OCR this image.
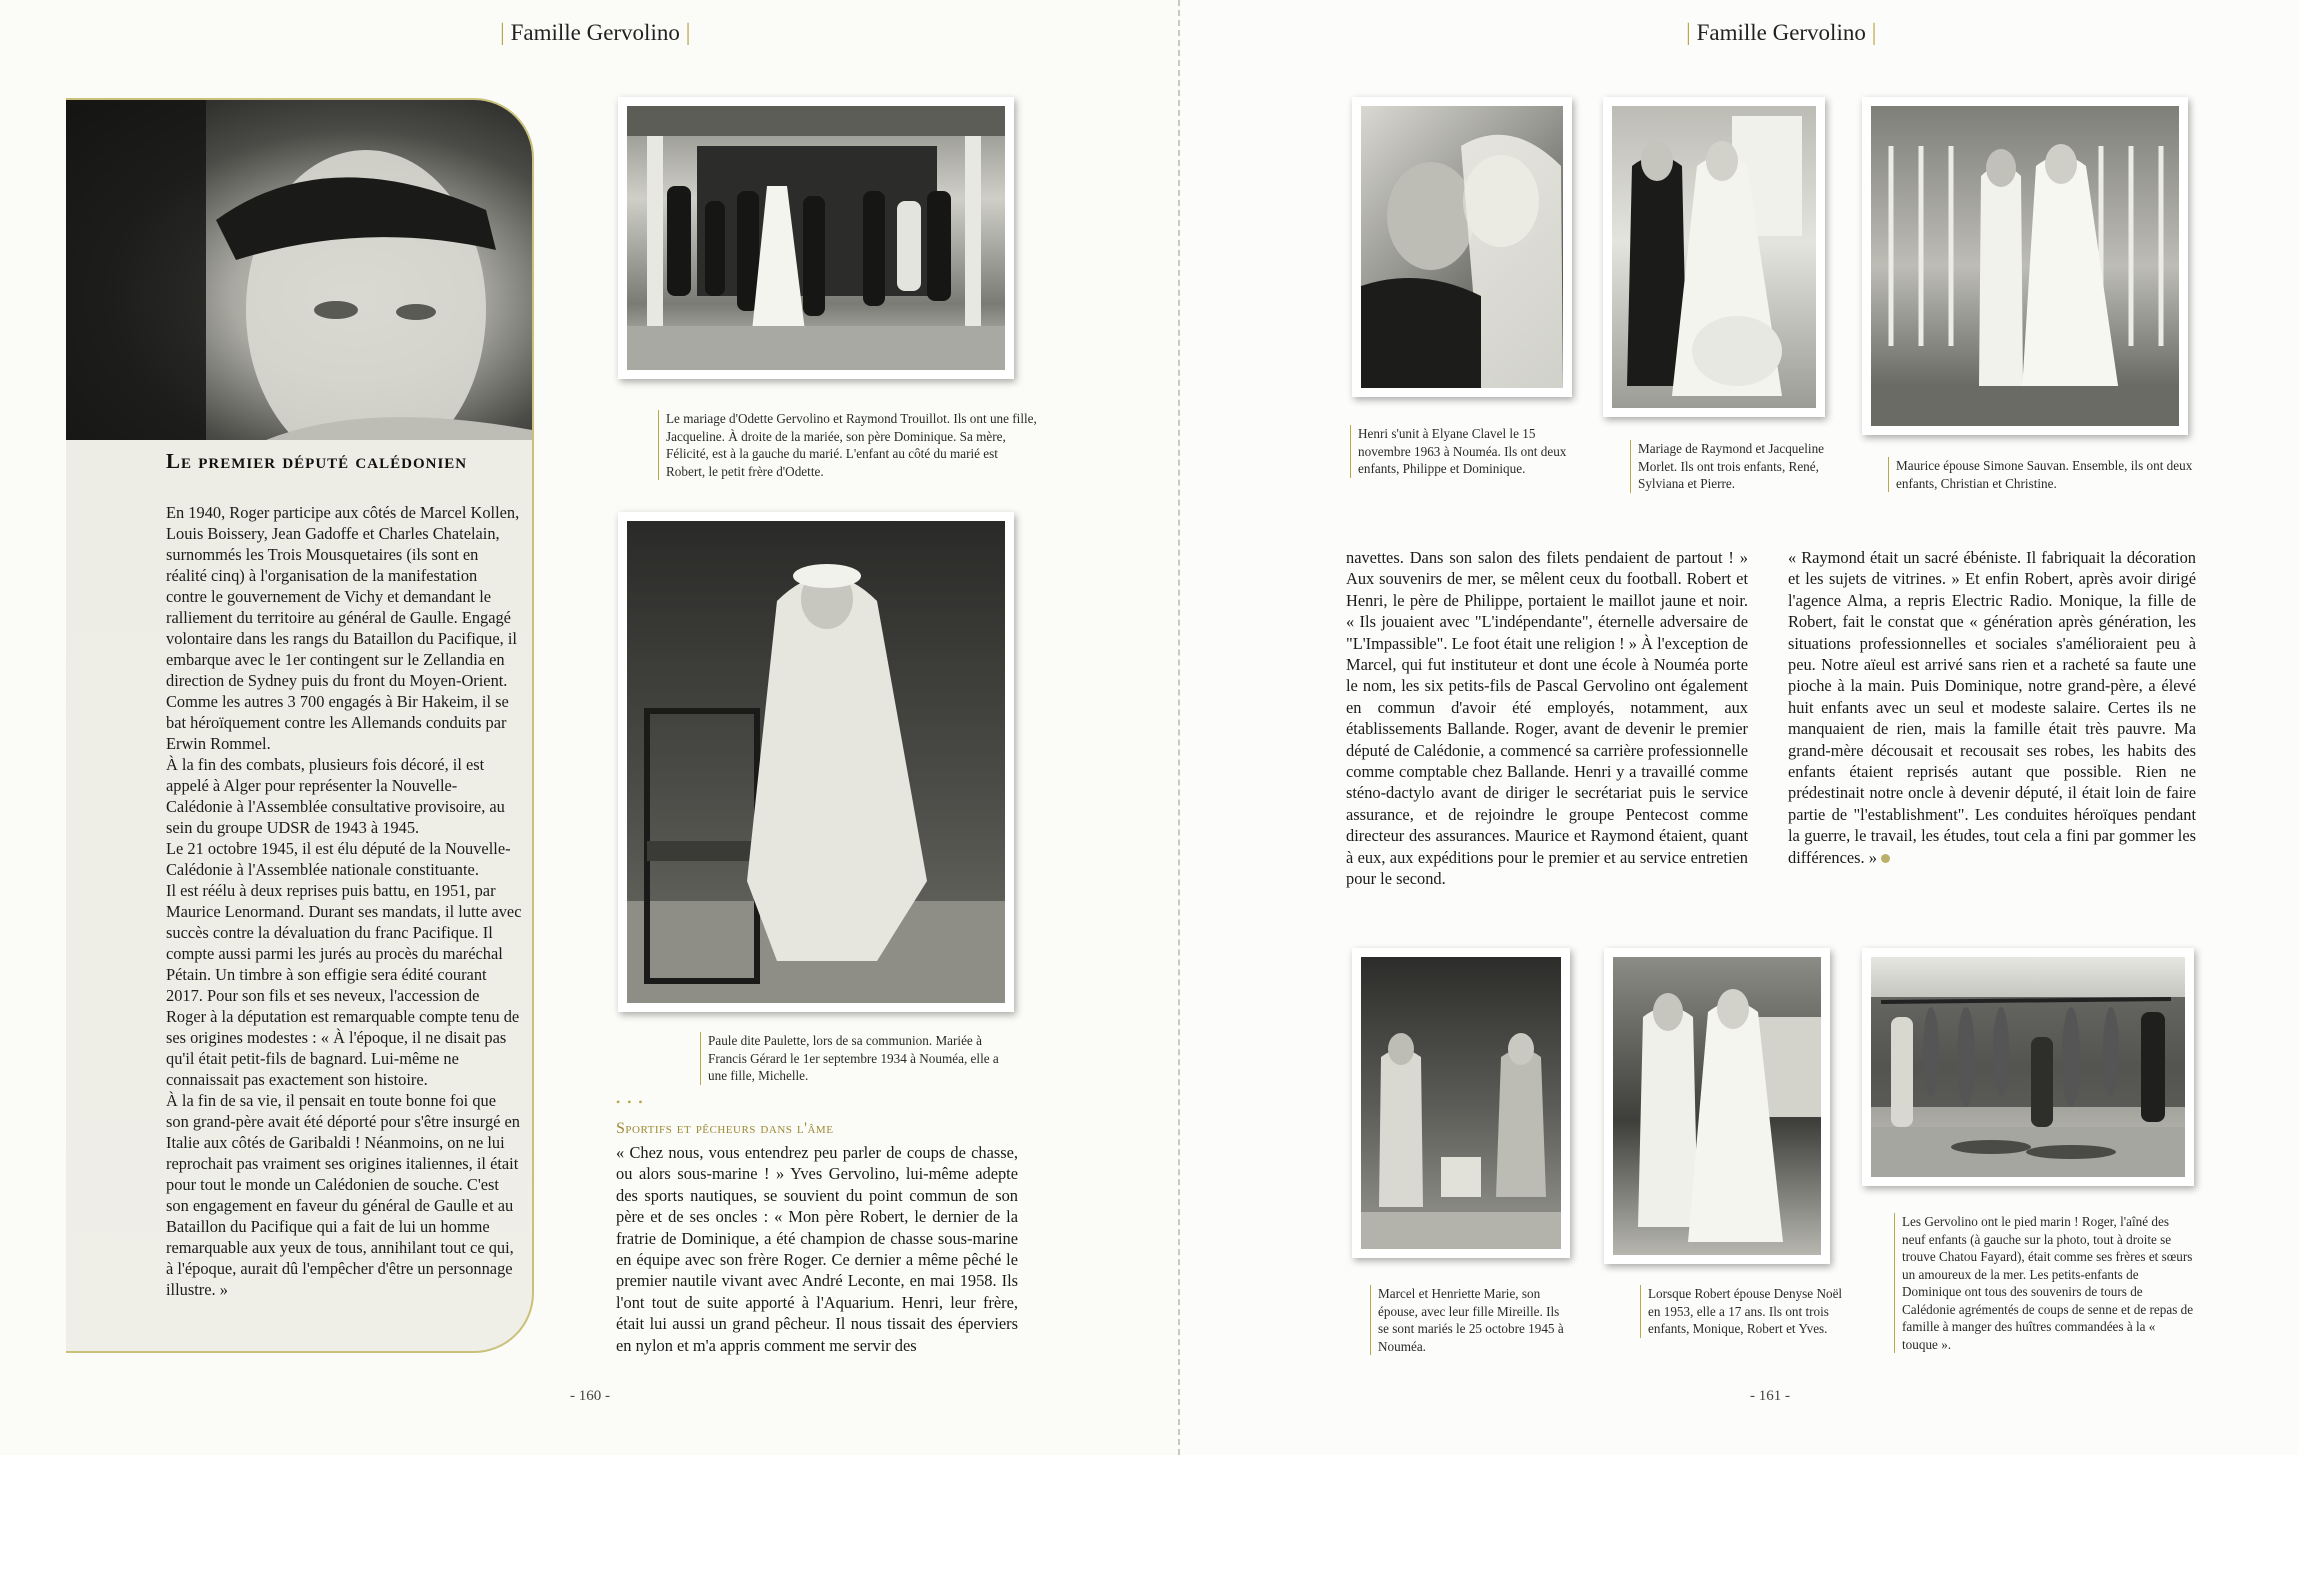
| Famille Gervolino |
Le premier député calédonien

En 1940, Roger participe aux côtés de Marcel Kollen, Louis Boissery, Jean Gadoffe et Charles Chatelain, surnommés les Trois Mousquetaires (ils sont en réalité cinq) à l'organisation de la manifestation contre le gouvernement de Vichy et demandant le ralliement du territoire au général de Gaulle. Engagé volontaire dans les rangs du Bataillon du Pacifique, il embarque avec le 1er contingent sur le Zellandia en direction de Sydney puis du front du Moyen-Orient. Comme les autres 3 700 engagés à Bir Hakeim, il se bat héroïquement contre les Allemands conduits par Erwin Rommel.

À la fin des combats, plusieurs fois décoré, il est appelé à Alger pour représenter la Nouvelle-Calédonie à l'Assemblée consultative provisoire, au sein du groupe UDSR de 1943 à 1945.

Le 21 octobre 1945, il est élu député de la Nouvelle-Calédonie à l'Assemblée nationale constituante.

Il est réélu à deux reprises puis battu, en 1951, par Maurice Lenormand. Durant ses mandats, il lutte avec succès contre la dévaluation du franc Pacifique. Il compte aussi parmi les jurés au procès du maréchal Pétain. Un timbre à son effigie sera édité courant 2017. Pour son fils et ses neveux, l'accession de Roger à la députation est remarquable compte tenu de ses origines modestes : « À l'époque, il ne disait pas qu'il était petit-fils de bagnard. Lui-même ne connaissait pas exactement son histoire.

À la fin de sa vie, il pensait en toute bonne foi que son grand-père avait été déporté pour s'être insurgé en Italie aux côtés de Garibaldi ! Néanmoins, on ne lui reprochait pas vraiment ses origines italiennes, il était pour tout le monde un Calédonien de souche. C'est son engagement en faveur du général de Gaulle et au Bataillon du Pacifique qui a fait de lui un homme remarquable aux yeux de tous, annihilant tout ce qui, à l'époque, aurait dû l'empêcher d'être un personnage illustre. »

Le mariage d'Odette Gervolino et Raymond Trouillot. Ils ont une fille, Jacqueline. À droite de la mariée, son père Dominique. Sa mère, Félicité, est à la gauche du marié. L'enfant au côté du marié est Robert, le petit frère d'Odette.
Paule dite Paulette, lors de sa communion. Mariée à Francis Gérard le 1er septembre 1934 à Nouméa, elle a une fille, Michelle.
• • •
Sportifs et pêcheurs dans l'âme

« Chez nous, vous entendrez peu parler de coups de chasse, ou alors sous-marine ! » Yves Gervolino, lui-même adepte des sports nautiques, se souvient du point commun de son père et de ses oncles : « Mon père Robert, le dernier de la fratrie de Dominique, a été champion de chasse sous-marine en équipe avec son frère Roger. Ce dernier a même pêché le premier nautile vivant avec André Leconte, en mai 1958. Ils l'ont tout de suite apporté à l'Aquarium. Henri, leur frère, était lui aussi un grand pêcheur. Il nous tissait des éperviers en nylon et m'a appris comment me servir des

- 160 -
| Famille Gervolino |
Henri s'unit à Elyane Clavel le 15 novembre 1963 à Nouméa. Ils ont deux enfants, Philippe et Dominique.
Mariage de Raymond et Jacqueline Morlet. Ils ont trois enfants, René, Sylviana et Pierre.
Maurice épouse Simone Sauvan. Ensemble, ils ont deux enfants, Christian et Christine.

navettes. Dans son salon des filets pendaient de partout ! » Aux souvenirs de mer, se mêlent ceux du football. Robert et Henri, le père de Philippe, portaient le maillot jaune et noir. « Ils jouaient avec "L'indépendante", éternelle adversaire de "L'Impassible". Le foot était une religion ! » À l'exception de Marcel, qui fut instituteur et dont une école à Nouméa porte le nom, les six petits-fils de Pascal Gervolino ont également en commun d'avoir été employés, notamment, aux établissements Ballande. Roger, avant de devenir le premier député de Calédonie, a commencé sa carrière professionnelle comme comptable chez Ballande. Henri y a travaillé comme sténo-dactylo avant de diriger le secrétariat puis le service assurance, et de rejoindre le groupe Pentecost comme directeur des assurances. Maurice et Raymond étaient, quant à eux, aux expéditions pour le premier et au service entretien pour le second.

« Raymond était un sacré ébéniste. Il fabriquait la décoration et les sujets de vitrines. » Et enfin Robert, après avoir dirigé l'agence Alma, a repris Electric Radio. Monique, la fille de Robert, fait le constat que « génération après génération, les situations professionnelles et sociales s'amélioraient peu à peu. Notre aïeul est arrivé sans rien et a racheté sa faute une pioche à la main. Puis Dominique, notre grand-père, a élevé huit enfants avec un seul et modeste salaire. Certes ils ne manquaient de rien, mais la famille était très pauvre. Ma grand-mère décousait et recousait ses robes, les habits des enfants étaient reprisés autant que possible. Rien ne prédestinait notre oncle à devenir député, il était loin de faire partie de "l'establishment". Les conduites héroïques pendant la guerre, le travail, les études, tout cela a fini par gommer les différences. »

Marcel et Henriette Marie, son épouse, avec leur fille Mireille. Ils se sont mariés le 25 octobre 1945 à Nouméa.
Lorsque Robert épouse Denyse Noël en 1953, elle a 17 ans. Ils ont trois enfants, Monique, Robert et Yves.
Les Gervolino ont le pied marin ! Roger, l'aîné des neuf enfants (à gauche sur la photo, tout à droite se trouve Chatou Fayard), était comme ses frères et sœurs un amoureux de la mer. Les petits-enfants de Dominique ont tous des souvenirs de tours de Calédonie agrémentés de coups de senne et de repas de famille à manger des huîtres commandées à la « touque ».
- 161 -
